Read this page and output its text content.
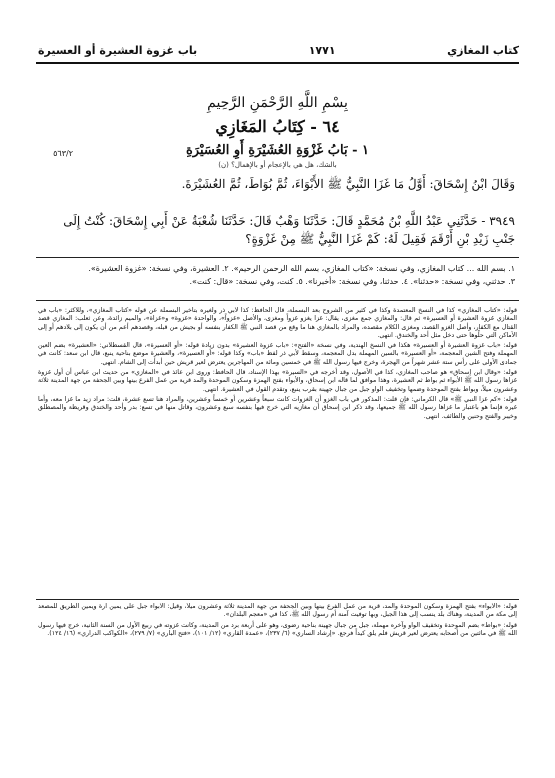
كتاب المغازي
١٧٧١
باب غزوة العشيرة أو العسيرة
بِسْمِ اللَّهِ الرَّحْمَنِ الرَّحِيمِ
٦٤ - كِتَابُ المَغَازِي
١ - بَابُ غَزْوَةِ العُشَيْرَةِ أَوِ العُسَيْرَةِ
بالشك، هل هي بالإعجام أو بالإهمال؟ (ن)
٥٦٣/٢
وَقَالَ ابْنُ إِسْحَاقَ: أَوَّلُ مَا غَزَا النَّبِيُّ ﷺ الأَبْوَاءَ، ثُمَّ بُوَاطَ، ثُمَّ العُشَيْرَةَ.
٣٩٤٩ - حَدَّثَنِي عَبْدُ اللَّهِ بْنُ مُحَمَّدٍ قَالَ: حَدَّثَنَا وَهْبٌ قَالَ: حَدَّثَنَا شُعْبَةُ عَنْ أَبِي إِسْحَاقَ: كُنْتُ إِلَى جَنْبِ زَيْدِ بْنِ أَرْقَمَ فَقِيلَ لَهُ: كَمْ غَزَا النَّبِيُّ ﷺ مِنْ غَزْوَةٍ؟
١. بسم الله ... كتاب المغازي، وفي نسخة: «كتاب المغازي، بسم الله الرحمن الرحيم». ٢. العشيرة، وفي نسخة: «غزوة العشيرة».
٣. حدثني، وفي نسخة: «حدثنا». ٤. حدثنا، وفي نسخة: «أخبرنا». ٥. كنت، وفي نسخة: «قال: كنت».

قوله: «كتاب المغازي» كذا في النسخ المعتمدة وكذا في كثير من الشروح بعد البسملة، قال الحافظ: كذا لأبي ذر ولغيره بتأخير البسملة عن قوله «كتاب المغازي»، وللأكثر: «باب في المغازي غزوة العشيرة أو العسيرة» ثم قال: والمغازي جمع مغزى، يقال: غزا يغزو غزواً ومغزى، والأصل «غزواً»، والواحدة «غزوة» و«غزاة»، والميم زائدة، وعن ثعلب: المغازي قصد القتال مع الكفار، وأصل الغزو القصد، ومغزى الكلام مقصده، والمراد بالمغازي هنا ما وقع من قصد النبي ﷺ الكفار بنفسه أو بجيش من قبله، وقصدهم أعم من أن يكون إلى بلادهم أو إلى الأماكن التي حلّوها حتى دخل مثل أحد والخندق. انتهى.

قوله: «باب غزوة العشيرة أو العسيرة» هكذا في النسخ الهندية، وفي نسخة «الفتح»: «باب غزوة العشيرة» بدون زيادة قوله: «أو العسيرة»، قال القسطلاني: «العشيرة» بضم العين المهملة وفتح الشين المعجمة، «أو العسيرة» بالسين المهملة بدل المعجمة، وسقط لأبي ذر لفظ «باب» وكذا قوله: «أو العسيرة»، والعشيرة موضع بناحية ينبع، قال ابن سعد: كانت في جمادى الأولى على رأس ستة عشر شهراً من الهجرة، وخرج فيها رسول الله ﷺ في خمسين ومائة من المهاجرين يعترض لعير قريش حين أبدأت إلى الشام. انتهى.

قوله: «وقال ابن إسحاق» هو صاحب المغازي، كذا في الأصول، وقد أخرجه في «السيرة» بهذا الإسناد، قال الحافظ: وروى ابن عائذ في «المغازي» من حديث ابن عباس أن أول غزوة غزاها رسول الله ﷺ الأبواء ثم بواط ثم العشيرة، وهذا موافق لما قاله ابن إسحاق، والأبواء بفتح الهمزة وسكون الموحدة والمد قرية من عمل الفرع بينها وبين الجحفة من جهة المدينة ثلاثة وعشرون ميلاً، وبواط بفتح الموحدة وضمها وتخفيف الواو جبل من جبال جهينة بقرب ينبع، وتقدم القول في العشيرة. انتهى.

قوله: «كم غزا النبي ﷺ» قال الكرماني: فإن قلت: المذكور في باب الغزو أن الغزوات كانت سبعاً وعشرين أو خمساً وعشرين، والمراد هنا تسع عشرة، قلت: مراد زيد ما غزا معه، وأما غيره فإنما هو باعتبار ما غزاها رسول الله ﷺ جميعها، وقد ذكر ابن إسحاق أن مغازيه التي خرج فيها بنفسه سبع وعشرون، وقاتل منها في تسع: بدر وأحد والخندق وقريظة والمصطلق وخيبر والفتح وحنين والطائف. انتهى.

قوله: «الأبواء» بفتح الهمزة وسكون الموحدة والمد، قرية من عمل الفرع بينها وبين الجحفة من جهة المدينة ثلاثة وعشرون ميلاً، وقيل: الأبواء جبل على يمين آرة ويمين الطريق للمصعد إلى مكة من المدينة، وهناك بلد ينسب إلى هذا الجبل، وبها توفيت آمنة أم رسول الله ﷺ، كذا في «معجم البلدان».

قوله: «بواط» بضم الموحدة وتخفيف الواو وآخره مهملة، جبل من جبال جهينة بناحية رضوى، وهو على أربعة برد من المدينة، وكانت غزوته في ربيع الأول من السنة الثانية، خرج فيها رسول الله ﷺ في مائتين من أصحابه يعترض لعير قريش فلم يلق كيداً فرجع. «إرشاد الساري» (٦/ ٢٣٧)، «عمدة القاري» (١٢/ ١٠١)، «فتح الباري» (٧/ ٢٧٩)، «الكواكب الدراري» (١٦/ ١٢٤).
